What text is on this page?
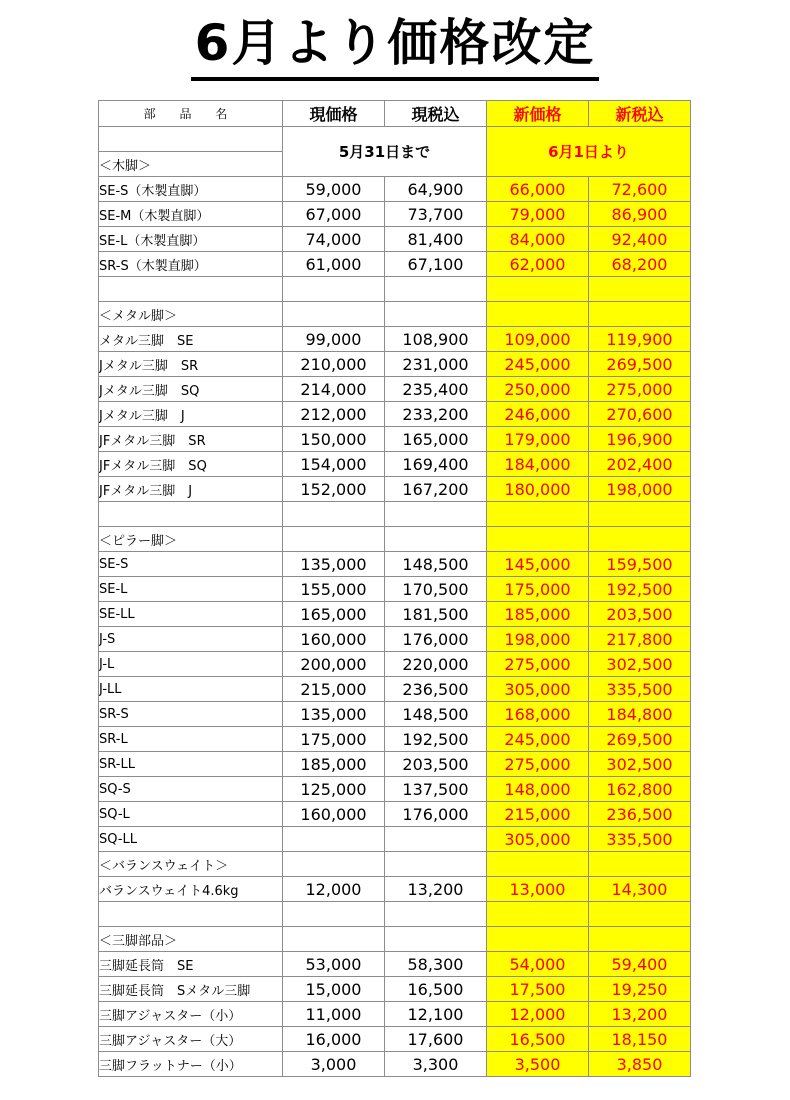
6月より価格改定
部 品 名	現価格	現税込	新価格	新税込
	5月31日まで		6月1日より	
＜木脚＞				
SE-S（木製直脚）	59,000	64,900	66,000	72,600
SE-M（木製直脚）	67,000	73,700	79,000	86,900
SE-L（木製直脚）	74,000	81,400	84,000	92,400
SR-S（木製直脚）	61,000	67,100	62,000	68,200

＜メタル脚＞				
メタル三脚　SE	99,000	108,900	109,000	119,900
Jメタル三脚　SR	210,000	231,000	245,000	269,500
Jメタル三脚　SQ	214,000	235,400	250,000	275,000
Jメタル三脚　J	212,000	233,200	246,000	270,600
JFメタル三脚　SR	150,000	165,000	179,000	196,900
JFメタル三脚　SQ	154,000	169,400	184,000	202,400
JFメタル三脚　J	152,000	167,200	180,000	198,000

＜ピラー脚＞				
SE-S	135,000	148,500	145,000	159,500
SE-L	155,000	170,500	175,000	192,500
SE-LL	165,000	181,500	185,000	203,500
J-S	160,000	176,000	198,000	217,800
J-L	200,000	220,000	275,000	302,500
J-LL	215,000	236,500	305,000	335,500
SR-S	135,000	148,500	168,000	184,800
SR-L	175,000	192,500	245,000	269,500
SR-LL	185,000	203,500	275,000	302,500
SQ-S	125,000	137,500	148,000	162,800
SQ-L	160,000	176,000	215,000	236,500
SQ-LL			305,000	335,500
＜バランスウェイト＞				
バランスウェイト4.6kg	12,000	13,200	13,000	14,300

＜三脚部品＞				
三脚延長筒　SE	53,000	58,300	54,000	59,400
三脚延長筒　Sメタル三脚	15,000	16,500	17,500	19,250
三脚アジャスター（小）	11,000	12,100	12,000	13,200
三脚アジャスター（大）	16,000	17,600	16,500	18,150
三脚フラットナー（小）	3,000	3,300	3,500	3,850
